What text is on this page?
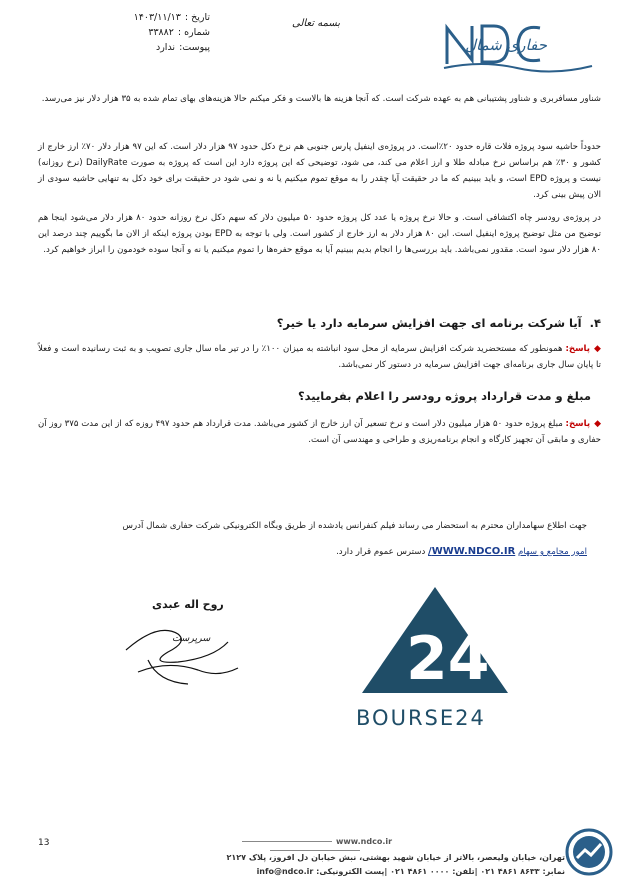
تاریخ :۱۴۰۳/۱۱/۱۳
شماره :۳۳۸۸۲
پیوست:ندارد
بسمه تعالی
حفاری شمال
NDC
شناور مسافربری و شناور پشتیبانی هم به عهده شرکت است. که آنجا هزینه ها بالاست و فکر میکنم حالا هزینه‌های بهای تمام شده به ۳۵ هزار دلار نیز می‌رسد.
حدوداً حاشیه سود پروژه فلات قاره حدود ۲۰٪است. در پروژه‌ی اینفیل پارس جنوبی هم نرخ دکل حدود ۹۷ هزار دلار است. که این ۹۷ هزار دلار ۷۰٪ ارز خارج از کشور و ۳۰٪ هم براساس نرخ مبادله طلا و ارز اعلام می کند، می شود، توضیحی که این پروژه دارد این است که پروژه به صورت DailyRate (نرخ روزانه) نیست و پروژه EPD است، و باید ببینیم که ما در حقیقت آیا چقدر را به موقع تموم میکنیم یا نه و نمی شود در حقیقت برای خود دکل به تنهایی حاشیه سودی از الان پیش بینی کرد.
در پروژه‌ی رودسر چاه اکتشافی است. و حالا نرخ پروژه یا عدد کل پروژه حدود ۵۰ میلیون دلار که سهم دکل نرخ روزانه حدود ۸۰ هزار دلار می‌شود اینجا هم توضیح من مثل توضیح پروژه اینفیل است. این ۸۰ هزار دلار به ارز خارج از کشور است. ولی با توجه به EPD بودن پروژه اینکه از الان ما بگوییم چند درصد این ۸۰ هزار دلار سود است. مقدور نمی‌باشد. باید بررسی‌ها را انجام بدیم ببینیم آیا به موقع حفره‌ها را تموم میکنیم یا نه و آنجا سوده خودمون را ابراز خواهیم کرد.
۴.آیا شرکت برنامه ای جهت افزایش سرمایه دارد یا خیر؟
◆پاسخ: همونطور که مستحضرید شرکت افزایش سرمایه از محل سود انباشته به میزان ۱۰۰٪ را در تیر ماه سال جاری تصویب و به ثبت رسانیده است و فعلاً تا پایان سال جاری برنامه‌ای جهت افزایش سرمایه در دستور کار نمی‌باشد.
مبلغ و مدت قرارداد پروژه رودسر را اعلام بفرمایید؟
◆پاسخ: مبلغ پروژه حدود ۵۰ هزار میلیون دلار است و نرخ تسعیر آن ارز خارج از کشور می‌باشد. مدت قرارداد هم حدود ۴۹۷ روزه که از این مدت ۳۷۵ روز آن حفاری و مابقی آن تجهیز کارگاه و انجام برنامه‌ریزی و طراحی و مهندسی آن است.
جهت اطلاع سهامداران محترم به استحضار می رساند فیلم کنفرانس یادشده از طریق وبگاه الکترونیکی شرکت حفاری شمال آدرس
امور مجامع و سهام WWW.NDCO.IR/ دسترس عموم قرار دارد.
روح اله عبدی
سرپرست	24
BOURSE24
13	www.ndco.ir
تهران، خیابان ولیعصر، بالاتر از خیابان شهید بهشتی، نبش خیابان دل افروز، پلاک ۲۱۲۷
نمابر: ۸۶۳۳ ۴۸۶۱ ۰۲۱ |تلفن: ۰۰۰۰ ۴۸۶۱ ۰۲۱ |پست الکترونیکی: info@ndco.ir
